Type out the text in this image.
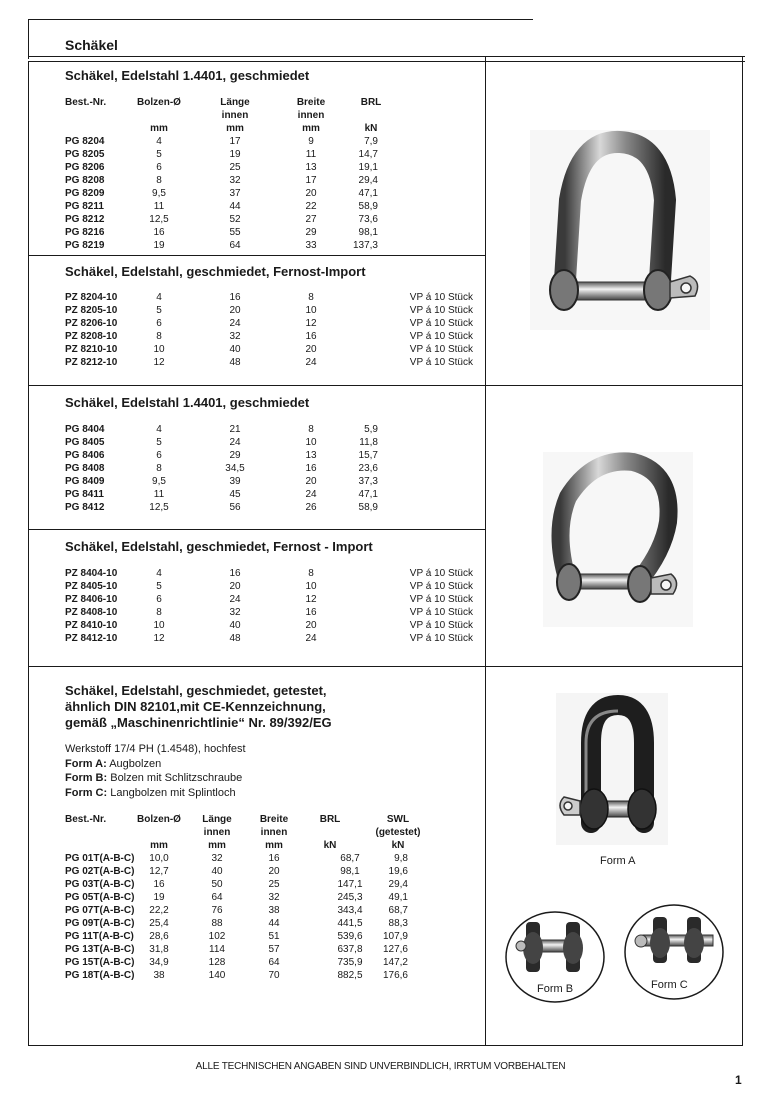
Schäkel
Schäkel, Edelstahl 1.4401, geschmiedet
Best.-Nr.	Bolzen-Ø	Länge	Breite	BRL
innen	innen
mm	mm	mm	kN
PG 8204	4	17	9	7,9
PG 8205	5	19	11	14,7
PG 8206	6	25	13	19,1
PG 8208	8	32	17	29,4
PG 8209	9,5	37	20	47,1
PG 8211	11	44	22	58,9
PG 8212	12,5	52	27	73,6
PG 8216	16	55	29	98,1
PG 8219	19	64	33	137,3
Schäkel, Edelstahl, geschmiedet, Fernost-Import
PZ 8204-10	4	16	8	VP á 10 Stück
PZ 8205-10	5	20	10	VP á 10 Stück
PZ 8206-10	6	24	12	VP á 10 Stück
PZ 8208-10	8	32	16	VP á 10 Stück
PZ 8210-10	10	40	20	VP á 10 Stück
PZ 8212-10	12	48	24	VP á 10 Stück
Schäkel, Edelstahl 1.4401, geschmiedet
PG 8404	4	21	8	5,9
PG 8405	5	24	10	11,8
PG 8406	6	29	13	15,7
PG 8408	8	34,5	16	23,6
PG 8409	9,5	39	20	37,3
PG 8411	11	45	24	47,1
PG 8412	12,5	56	26	58,9
Schäkel, Edelstahl, geschmiedet, Fernost - Import
PZ 8404-10	4	16	8	VP á 10 Stück
PZ 8405-10	5	20	10	VP á 10 Stück
PZ 8406-10	6	24	12	VP á 10 Stück
PZ 8408-10	8	32	16	VP á 10 Stück
PZ 8410-10	10	40	20	VP á 10 Stück
PZ 8412-10	12	48	24	VP á 10 Stück
Schäkel, Edelstahl, geschmiedet, getestet,
ähnlich DIN 82101,mit CE-Kennzeichnung,
gemäß „Maschinenrichtlinie“ Nr. 89/392/EG
Werkstoff 17/4 PH (1.4548), hochfest
Form A: Augbolzen
Form B: Bolzen mit Schlitzschraube
Form C: Langbolzen mit Splintloch
Best.-Nr.	Bolzen-Ø Länge	Breite	BRL	SWL
innen	innen	(getestet)
mm	mm	mm	kN	kN
PG 01T(A-B-C) 10,0	32	16	68,7	9,8
PG 02T(A-B-C) 12,7	40	20	98,1	19,6
PG 03T(A-B-C) 16	50	25	147,1	29,4
PG 05T(A-B-C) 19	64	32	245,3	49,1
PG 07T(A-B-C) 22,2	76	38	343,4	68,7
PG 09T(A-B-C) 25,4	88	44	441,5	88,3
PG 11T(A-B-C) 28,6	102	51	539,6 107,9
PG 13T(A-B-C) 31,8	114	57	637,8 127,6
PG 15T(A-B-C) 34,9	128	64	735,9 147,2
PG 18T(A-B-C) 38	140	70	882,5 176,6
Form A
Form B	Form C
ALLE TECHNISCHEN ANGABEN SIND UNVERBINDLICH, IRRTUM VORBEHALTEN
1
